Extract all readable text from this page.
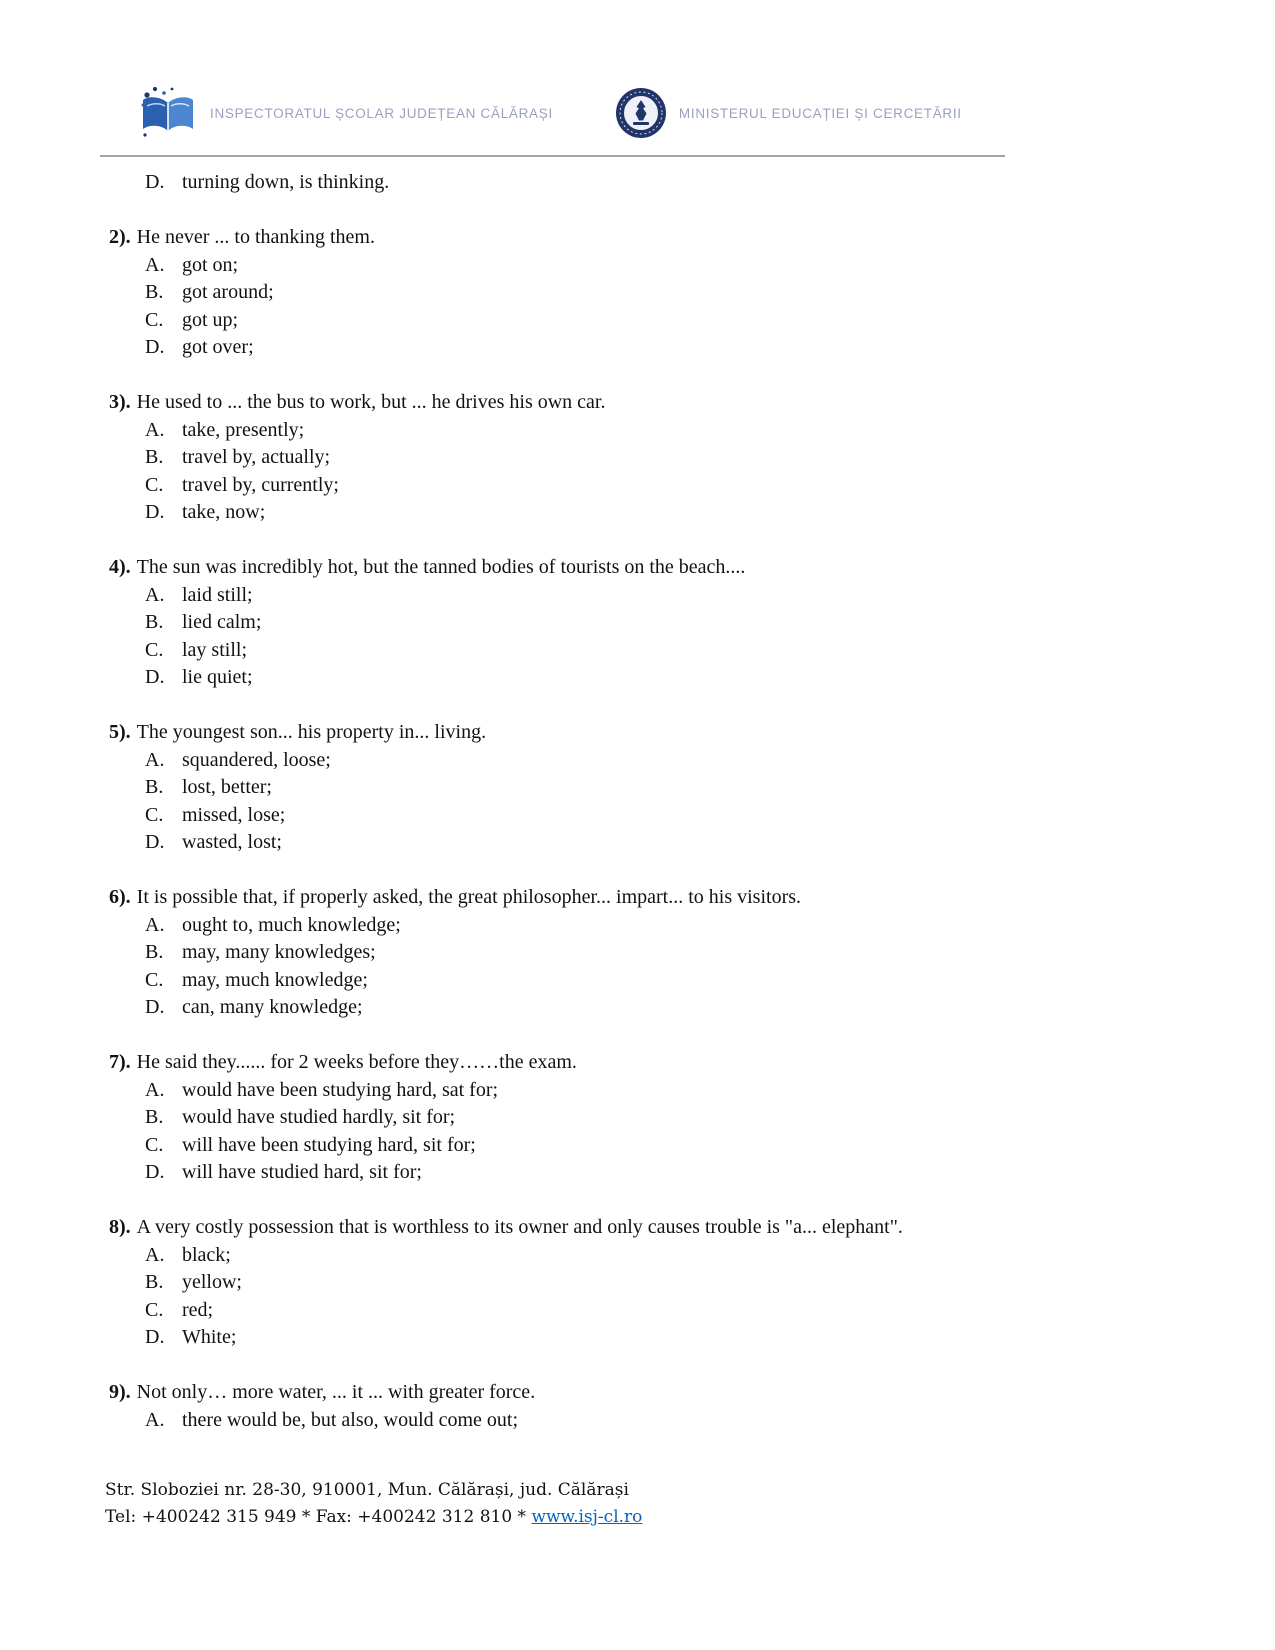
INSPECTORATUL ȘCOLAR JUDEȚEAN CĂLĂRAȘI	MINISTERUL EDUCAȚIEI ȘI CERCETĂRII
D. turning down, is thinking.
2). He never ... to thanking them.
A. got on;
B. got around;
C. got up;
D. got over;
3). He used to ... the bus to work, but ... he drives his own car.
A. take, presently;
B. travel by, actually;
C. travel by, currently;
D. take, now;
4). The sun was incredibly hot, but the tanned bodies of tourists on the beach....
A. laid still;
B. lied calm;
C. lay still;
D. lie quiet;
5). The youngest son... his property in... living.
A. squandered, loose;
B. lost, better;
C. missed, lose;
D. wasted, lost;
6). It is possible that, if properly asked, the great philosopher... impart... to his visitors.
A. ought to, much knowledge;
B. may, many knowledges;
C. may, much knowledge;
D. can, many knowledge;
7). He said they...... for 2 weeks before they……the exam.
A. would have been studying hard, sat for;
B. would have studied hardly, sit for;
C. will have been studying hard, sit for;
D. will have studied hard, sit for;
8). A very costly possession that is worthless to its owner and only causes trouble is "a... elephant".
A. black;
B. yellow;
C. red;
D. White;
9). Not only… more water, ... it ... with greater force.
A. there would be, but also, would come out;
Str. Sloboziei nr. 28-30, 910001, Mun. Călărași, jud. Călărași
Tel: +400242 315 949 * Fax: +400242 312 810 * www.isj-cl.ro
